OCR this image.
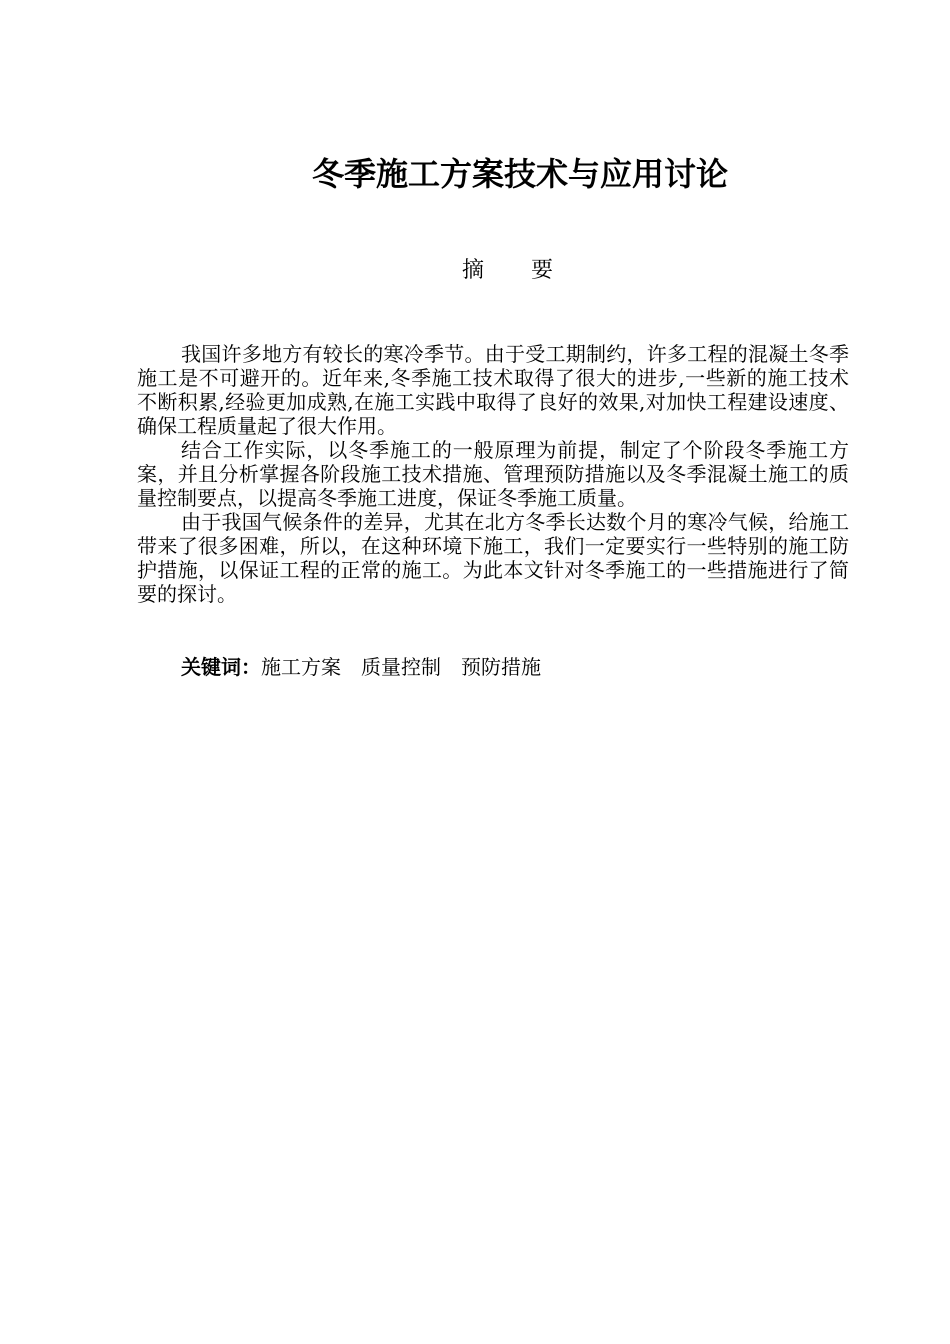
冬季施工方案技术与应用讨论
摘 要

我国许多地方有较长的寒冷季节。由于受工期制约，许多工程的混凝土冬季施工是不可避开的。近年来,冬季施工技术取得了很大的进步,一些新的施工技术不断积累,经验更加成熟,在施工实践中取得了良好的效果,对加快工程建设速度、确保工程质量起了很大作用。

结合工作实际，以冬季施工的一般原理为前提，制定了个阶段冬季施工方案，并且分析掌握各阶段施工技术措施、管理预防措施以及冬季混凝土施工的质量控制要点，以提高冬季施工进度，保证冬季施工质量。

由于我国气候条件的差异，尤其在北方冬季长达数个月的寒冷气候，给施工带来了很多困难，所以，在这种环境下施工，我们一定要实行一些特别的施工防护措施，以保证工程的正常的施工。为此本文针对冬季施工的一些措施进行了简要的探讨。

关键词：施工方案 质量控制 预防措施
